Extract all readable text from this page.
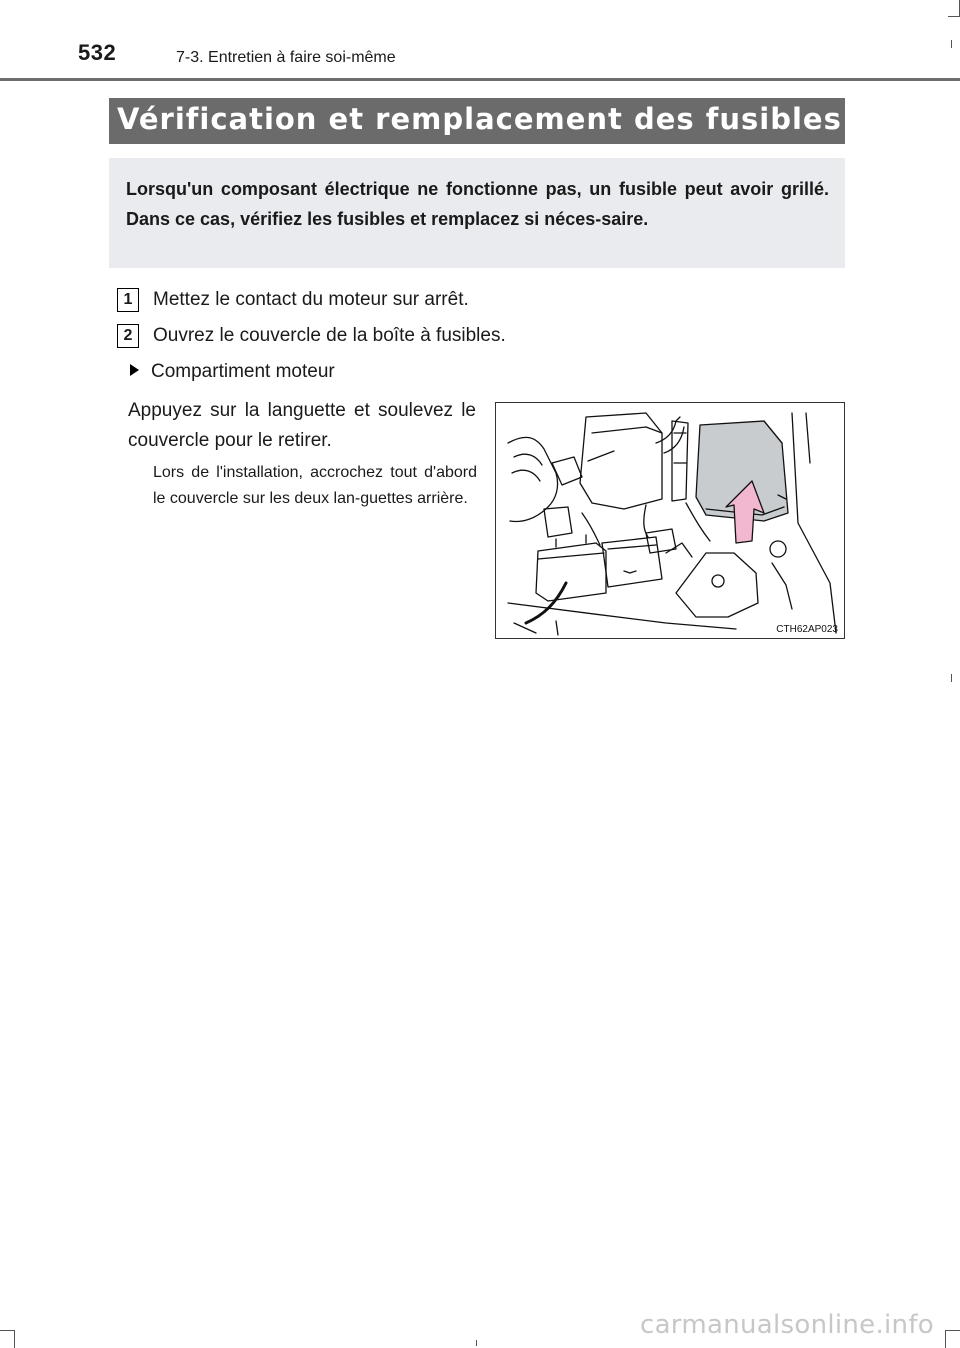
532	7-3. Entretien à faire soi-même
Vérification et remplacement des fusibles
Lorsqu'un composant électrique ne fonctionne pas, un fusible peut avoir grillé. Dans ce cas, vérifiez les fusibles et remplacez si néces-saire.
1	Mettez le contact du moteur sur arrêt.
2	Ouvrez le couvercle de la boîte à fusibles.
Compartiment moteur
Appuyez sur la languette et soulevez le couvercle pour le retirer.
Lors de l'installation, accrochez tout d'abord le couvercle sur les deux lan-guettes arrière.
CTH62AP023
carmanualsonline.info
